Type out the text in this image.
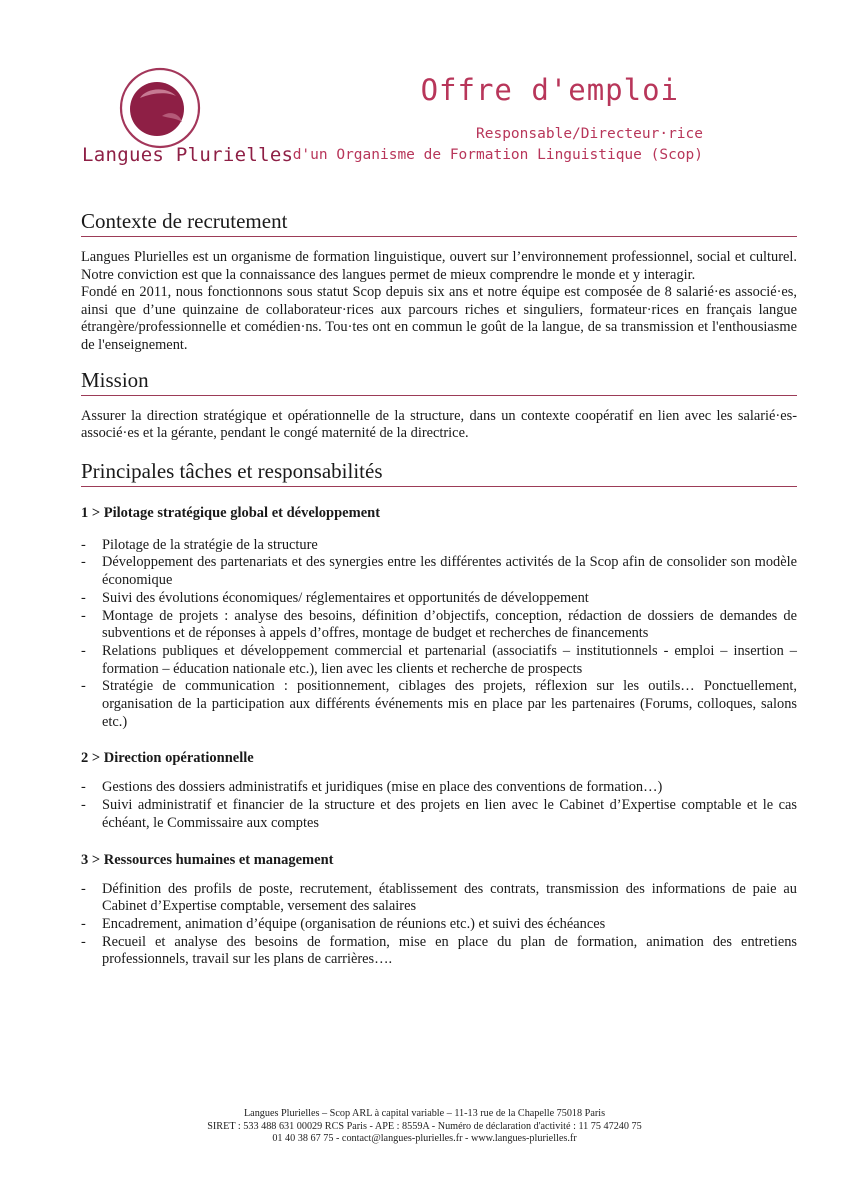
Langues Plurielles
Offre d'emploi
Responsable/Directeur·rice
d'un Organisme de Formation Linguistique (Scop)
Contexte de recrutement

Langues Plurielles est un organisme de formation linguistique, ouvert sur l’environnement professionnel, social et culturel. Notre conviction est que la connaissance des langues permet de mieux comprendre le monde et y interagir.

Fondé en 2011, nous fonctionnons sous statut Scop depuis six ans et notre équipe est composée de 8 salarié·es associé·es, ainsi que d’une quinzaine de collaborateur·rices aux parcours riches et singuliers, formateur·rices en français langue étrangère/professionnelle et comédien·ns. Tou·tes ont en commun le goût de la langue, de sa transmission et l'enthousiasme de l'enseignement.

Mission

Assurer la direction stratégique et opérationnelle de la structure, dans un contexte coopératif en lien avec les salarié·es-associé·es et la gérante, pendant le congé maternité de la directrice.

Principales tâches et responsabilités

1 > Pilotage stratégique global et développement

- Pilotage de la stratégie de la structure
- Développement des partenariats et des synergies entre les différentes activités de la Scop afin de consolider son modèle économique
- Suivi des évolutions économiques/ réglementaires et opportunités de développement
- Montage de projets : analyse des besoins, définition d’objectifs, conception, rédaction de dossiers de demandes de subventions et de réponses à appels d’offres, montage de budget et recherches de financements
- Relations publiques et développement commercial et partenarial (associatifs – institutionnels - emploi – insertion – formation – éducation nationale etc.), lien avec les clients et recherche de prospects
- Stratégie de communication : positionnement, ciblages des projets, réflexion sur les outils… Ponctuellement, organisation de la participation aux différents événements mis en place par les partenaires (Forums, colloques, salons etc.)

2 > Direction opérationnelle

- Gestions des dossiers administratifs et juridiques (mise en place des conventions de formation…)
- Suivi administratif et financier de la structure et des projets en lien avec le Cabinet d’Expertise comptable et le cas échéant, le Commissaire aux comptes

3 > Ressources humaines et management

- Définition des profils de poste, recrutement, établissement des contrats, transmission des informations de paie au Cabinet d’Expertise comptable, versement des salaires
- Encadrement, animation d’équipe (organisation de réunions etc.) et suivi des échéances
- Recueil et analyse des besoins de formation, mise en place du plan de formation, animation des entretiens professionnels, travail sur les plans de carrières….
Langues Plurielles – Scop ARL à capital variable – 11-13 rue de la Chapelle 75018 Paris
SIRET : 533 488 631 00029 RCS Paris - APE : 8559A - Numéro de déclaration d'activité : 11 75 47240 75
01 40 38 67 75 - contact@langues-plurielles.fr - www.langues-plurielles.fr
